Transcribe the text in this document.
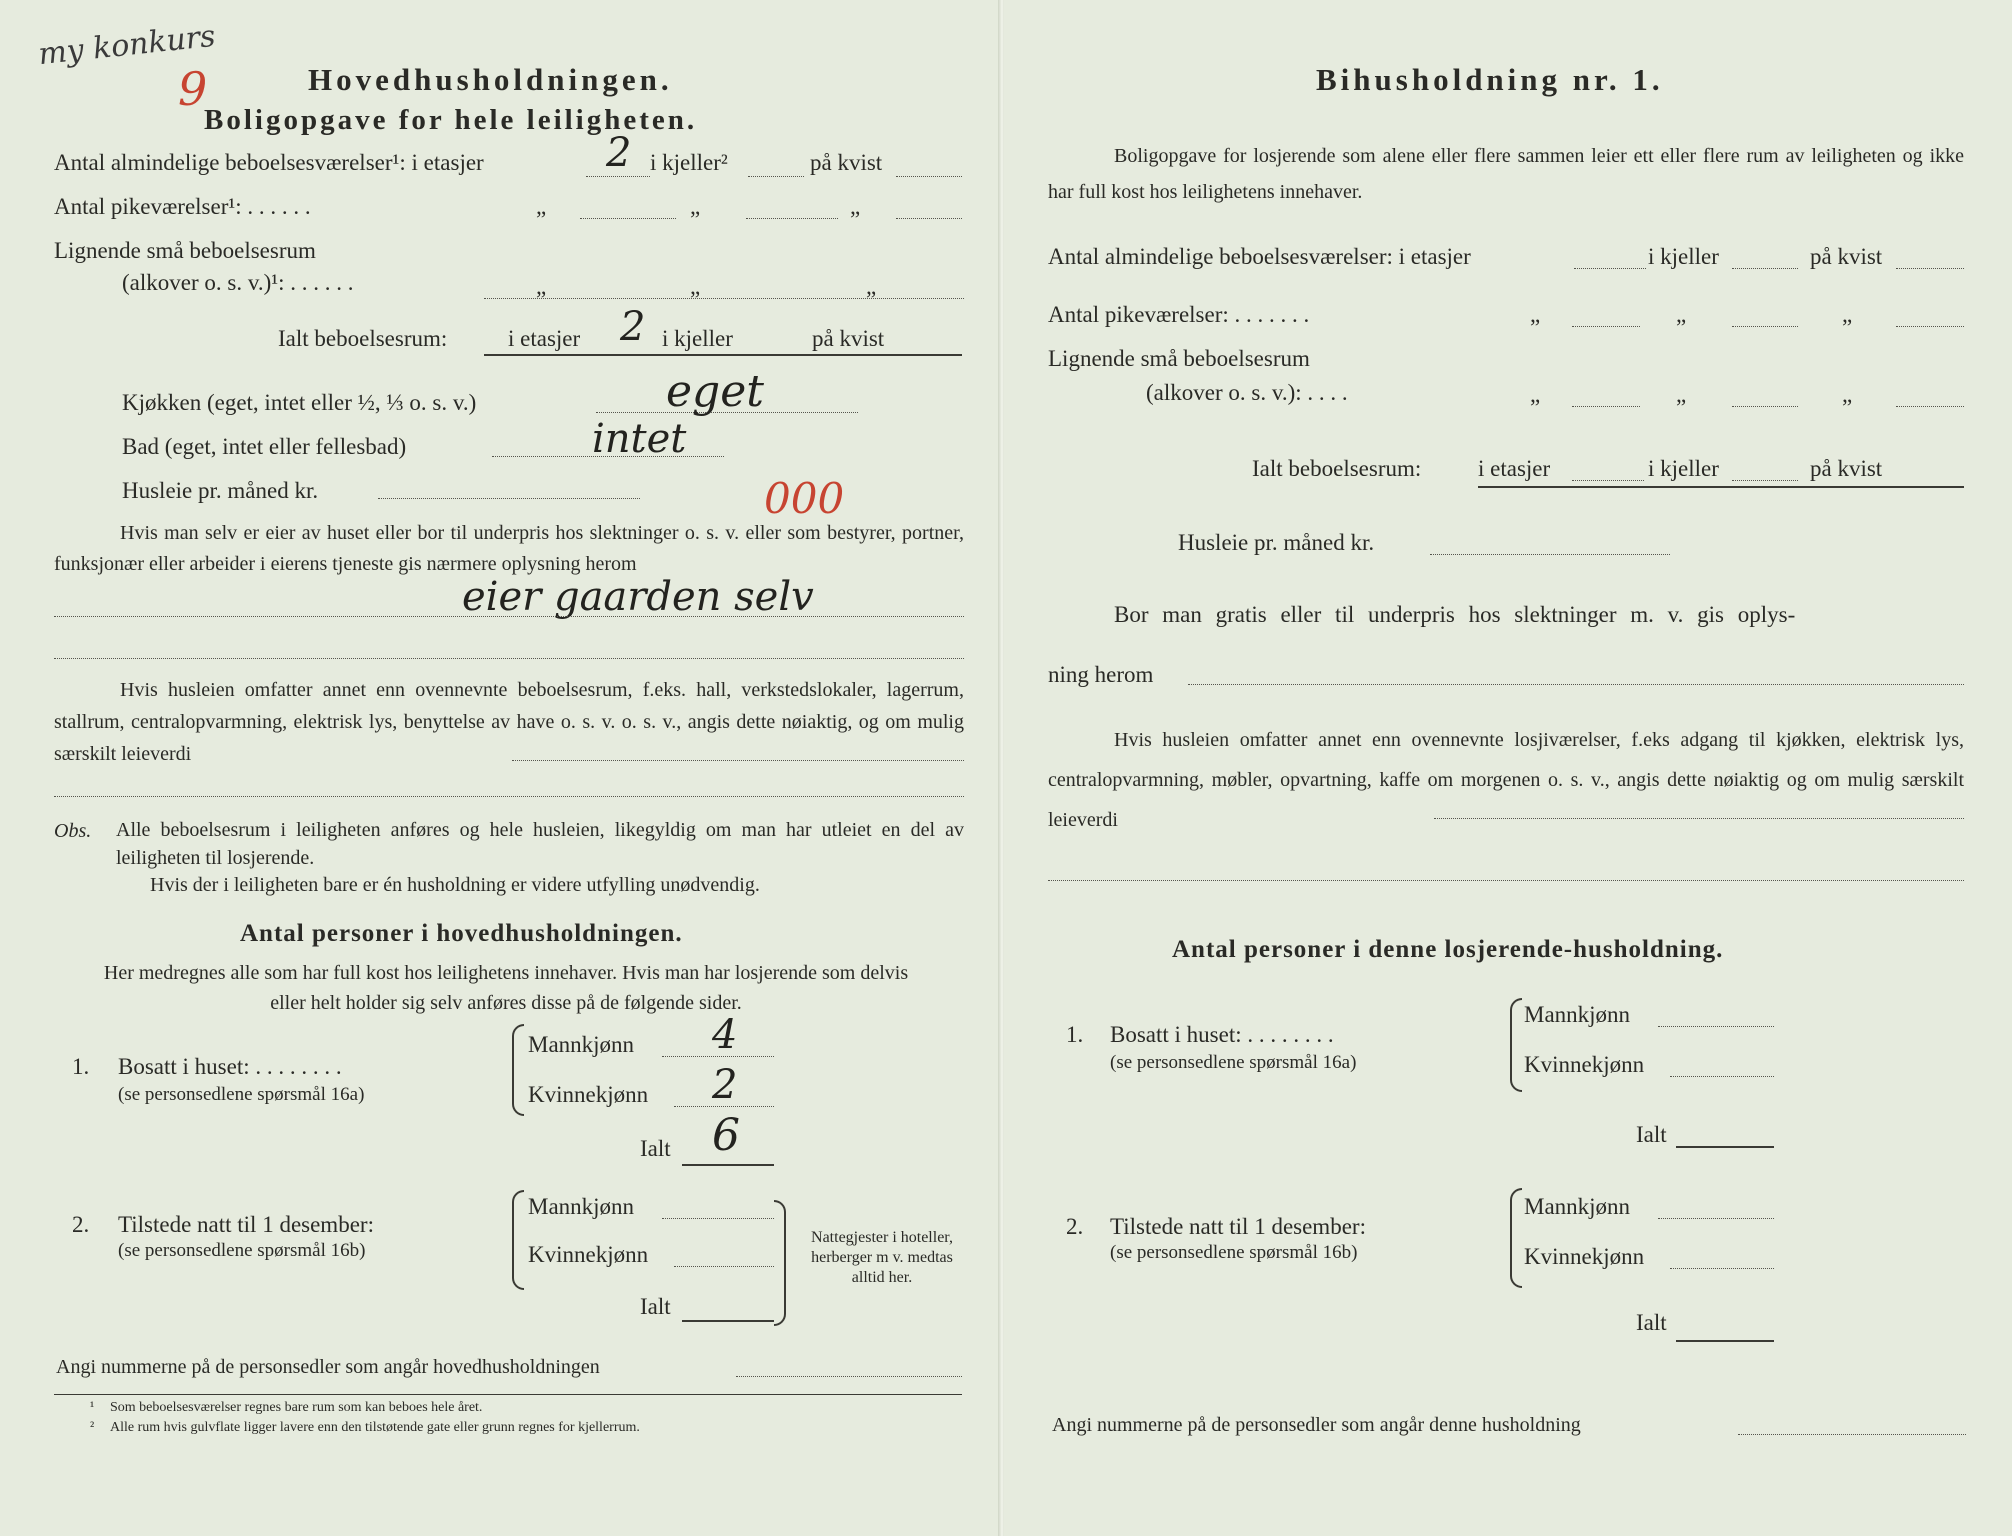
my konkurs
9	Hovedhusholdningen.
Boligopgave for hele leiligheten.
Antal almindelige beboelsesværelser¹: i etasjer	2 i kjeller²	på kvist
Antal pikeværelser¹: . . . . . .	„	„	„
Lignende små beboelsesrum
(alkover o. s. v.)¹: . . . . . .	„	„	„
Ialt beboelsesrum:	i etasjer 2 i kjeller	på kvist
Kjøkken (eget, intet eller ½, ⅓ o. s. v.)	eget
Bad (eget, intet eller fellesbad)	intet
Husleie pr. måned kr.	000
Hvis man selv er eier av huset eller bor til underpris hos slektninger o. s. v. eller som bestyrer, portner, funksjonær eller arbeider i eierens tjeneste gis nærmere oplysning herom
eier gaarden selv
Hvis husleien omfatter annet enn ovennevnte beboelsesrum, f.eks. hall, verkstedslokaler, lagerrum, stallrum, centralopvarmning, elektrisk lys, benyttelse av have o. s. v. o. s. v., angis dette nøiaktig, og om mulig særskilt leieverdi
Obs. Alle beboelsesrum i leiligheten anføres og hele husleien, likegyldig om man har utleiet en del av leiligheten til losjerende.
Hvis der i leiligheten bare er én husholdning er videre utfylling unødvendig.
Antal personer i hovedhusholdningen.
Her medregnes alle som har full kost hos leilighetens innehaver. Hvis man har losjerende som delvis eller helt holder sig selv anføres disse på de følgende sider.
1. Bosatt i huset: . . . . . . . .
(se personsedlene spørsmål 16a)
Mannkjønn 4
Kvinnekjønn 2
Ialt 6
2. Tilstede natt til 1 desember:
(se personsedlene spørsmål 16b)
Mannkjønn
Kvinnekjønn
Ialt
Nattegjester i hoteller, herberger m v. medtas alltid her.
Angi nummerne på de personsedler som angår hovedhusholdningen
¹ Som beboelsesværelser regnes bare rum som kan beboes hele året.
² Alle rum hvis gulvflate ligger lavere enn den tilstøtende gate eller grunn regnes for kjellerrum.
Bihusholdning nr. 1.
Boligopgave for losjerende som alene eller flere sammen leier ett eller flere rum av leiligheten og ikke har full kost hos leilighetens innehaver.
Antal almindelige beboelsesværelser: i etasjer	i kjeller	på kvist
Antal pikeværelser: . . . . . . .	„	„	„
Lignende små beboelsesrum
(alkover o. s. v.): . . . .	„	„	„
Ialt beboelsesrum: i etasjer	i kjeller	på kvist
Husleie pr. måned kr.
Bor man gratis eller til underpris hos slektninger m. v. gis oplys-
ning herom
Hvis husleien omfatter annet enn ovennevnte losjiværelser, f.eks adgang til kjøkken, elektrisk lys, centralopvarmning, møbler, opvartning, kaffe om morgenen o. s. v., angis dette nøiaktig og om mulig særskilt leieverdi
Antal personer i denne losjerende-husholdning.
1. Bosatt i huset: . . . . . . . .
(se personsedlene spørsmål 16a)
Mannkjønn
Kvinnekjønn
Ialt
2. Tilstede natt til 1 desember:
(se personsedlene spørsmål 16b)
Mannkjønn
Kvinnekjønn
Ialt
Angi nummerne på de personsedler som angår denne husholdning
